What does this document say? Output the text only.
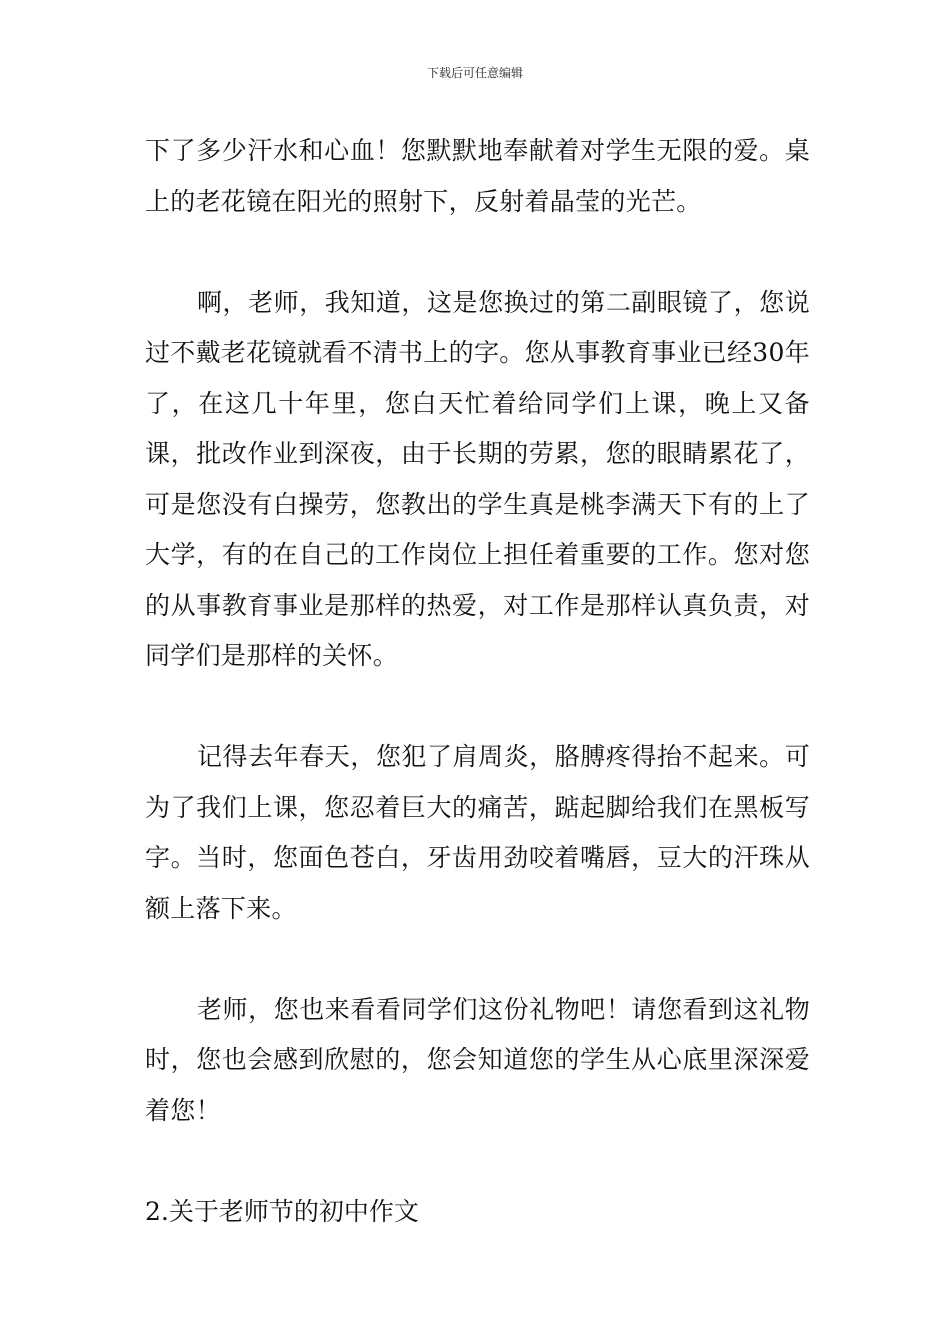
下载后可任意编辑

下了多少汗水和心血！您默默地奉献着对学生无限的爱。桌上的老花镜在阳光的照射下，反射着晶莹的光芒。

啊，老师，我知道，这是您换过的第二副眼镜了，您说过不戴老花镜就看不清书上的字。您从事教育事业已经30年了，在这几十年里，您白天忙着给同学们上课，晚上又备课，批改作业到深夜，由于长期的劳累，您的眼睛累花了，可是您没有白操劳，您教出的学生真是桃李满天下有的上了大学，有的在自己的工作岗位上担任着重要的工作。您对您的从事教育事业是那样的热爱，对工作是那样认真负责，对同学们是那样的关怀。

记得去年春天，您犯了肩周炎，胳膊疼得抬不起来。可为了我们上课，您忍着巨大的痛苦，踮起脚给我们在黑板写字。当时，您面色苍白，牙齿用劲咬着嘴唇，豆大的汗珠从额上落下来。

老师，您也来看看同学们这份礼物吧！请您看到这礼物时，您也会感到欣慰的，您会知道您的学生从心底里深深爱着您！

2.关于老师节的初中作文
